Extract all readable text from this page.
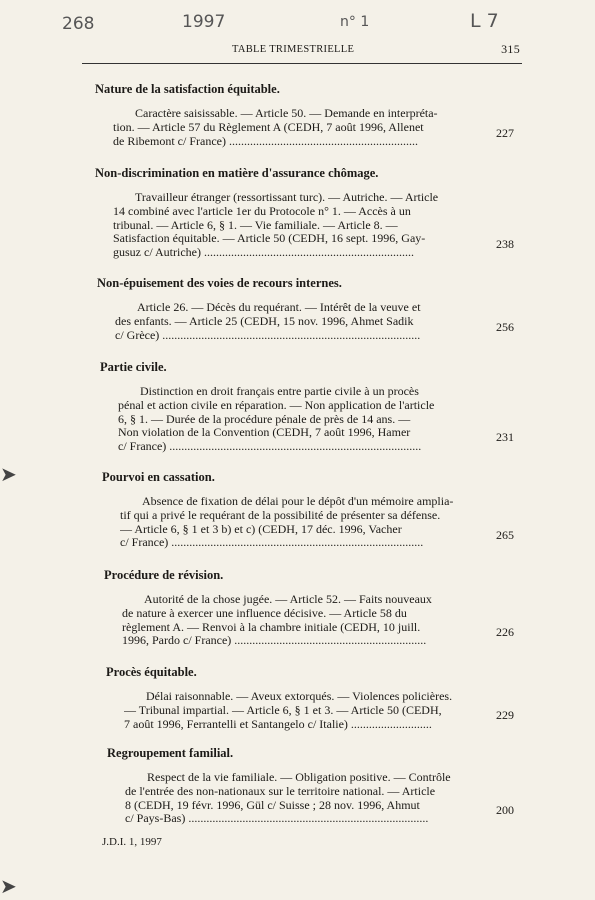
268	1997	n° 1	L 7
TABLE TRIMESTRIELLE	315
Nature de la satisfaction équitable.
Caractère saisissable. — Article 50. — Demande en interpréta-
tion. — Article 57 du Règlement A (CEDH, 7 août 1996, Allenet
de Ribemont c/ France) ...............................................................
227
Non-discrimination en matière d'assurance chômage.
Travailleur étranger (ressortissant turc). — Autriche. — Article
14 combiné avec l'article 1er du Protocole n° 1. — Accès à un
tribunal. — Article 6, § 1. — Vie familiale. — Article 8. —
Satisfaction équitable. — Article 50 (CEDH, 16 sept. 1996, Gay-
gusuz c/ Autriche) ......................................................................
238
Non-épuisement des voies de recours internes.
Article 26. — Décès du requérant. — Intérêt de la veuve et
des enfants. — Article 25 (CEDH, 15 nov. 1996, Ahmet Sadik
c/ Grèce) ......................................................................................
256
Partie civile.
Distinction en droit français entre partie civile à un procès
pénal et action civile en réparation. — Non application de l'article
6, § 1. — Durée de la procédure pénale de près de 14 ans. —
Non violation de la Convention (CEDH, 7 août 1996, Hamer
c/ France) ....................................................................................
231
Pourvoi en cassation.
Absence de fixation de délai pour le dépôt d'un mémoire amplia-
tif qui a privé le requérant de la possibilité de présenter sa défense.
— Article 6, § 1 et 3 b) et c) (CEDH, 17 déc. 1996, Vacher
c/ France) ....................................................................................
265
Procédure de révision.
Autorité de la chose jugée. — Article 52. — Faits nouveaux
de nature à exercer une influence décisive. — Article 58 du
règlement A. — Renvoi à la chambre initiale (CEDH, 10 juill.
1996, Pardo c/ France) ................................................................
226
Procès équitable.
Délai raisonnable. — Aveux extorqués. — Violences policières.
— Tribunal impartial. — Article 6, § 1 et 3. — Article 50 (CEDH,
7 août 1996, Ferrantelli et Santangelo c/ Italie) ...........................
229
Regroupement familial.
Respect de la vie familiale. — Obligation positive. — Contrôle
de l'entrée des non-nationaux sur le territoire national. — Article
8 (CEDH, 19 févr. 1996, Gül c/ Suisse ; 28 nov. 1996, Ahmut
c/ Pays-Bas) ................................................................................
200
➤
➤
J.D.I. 1, 1997
